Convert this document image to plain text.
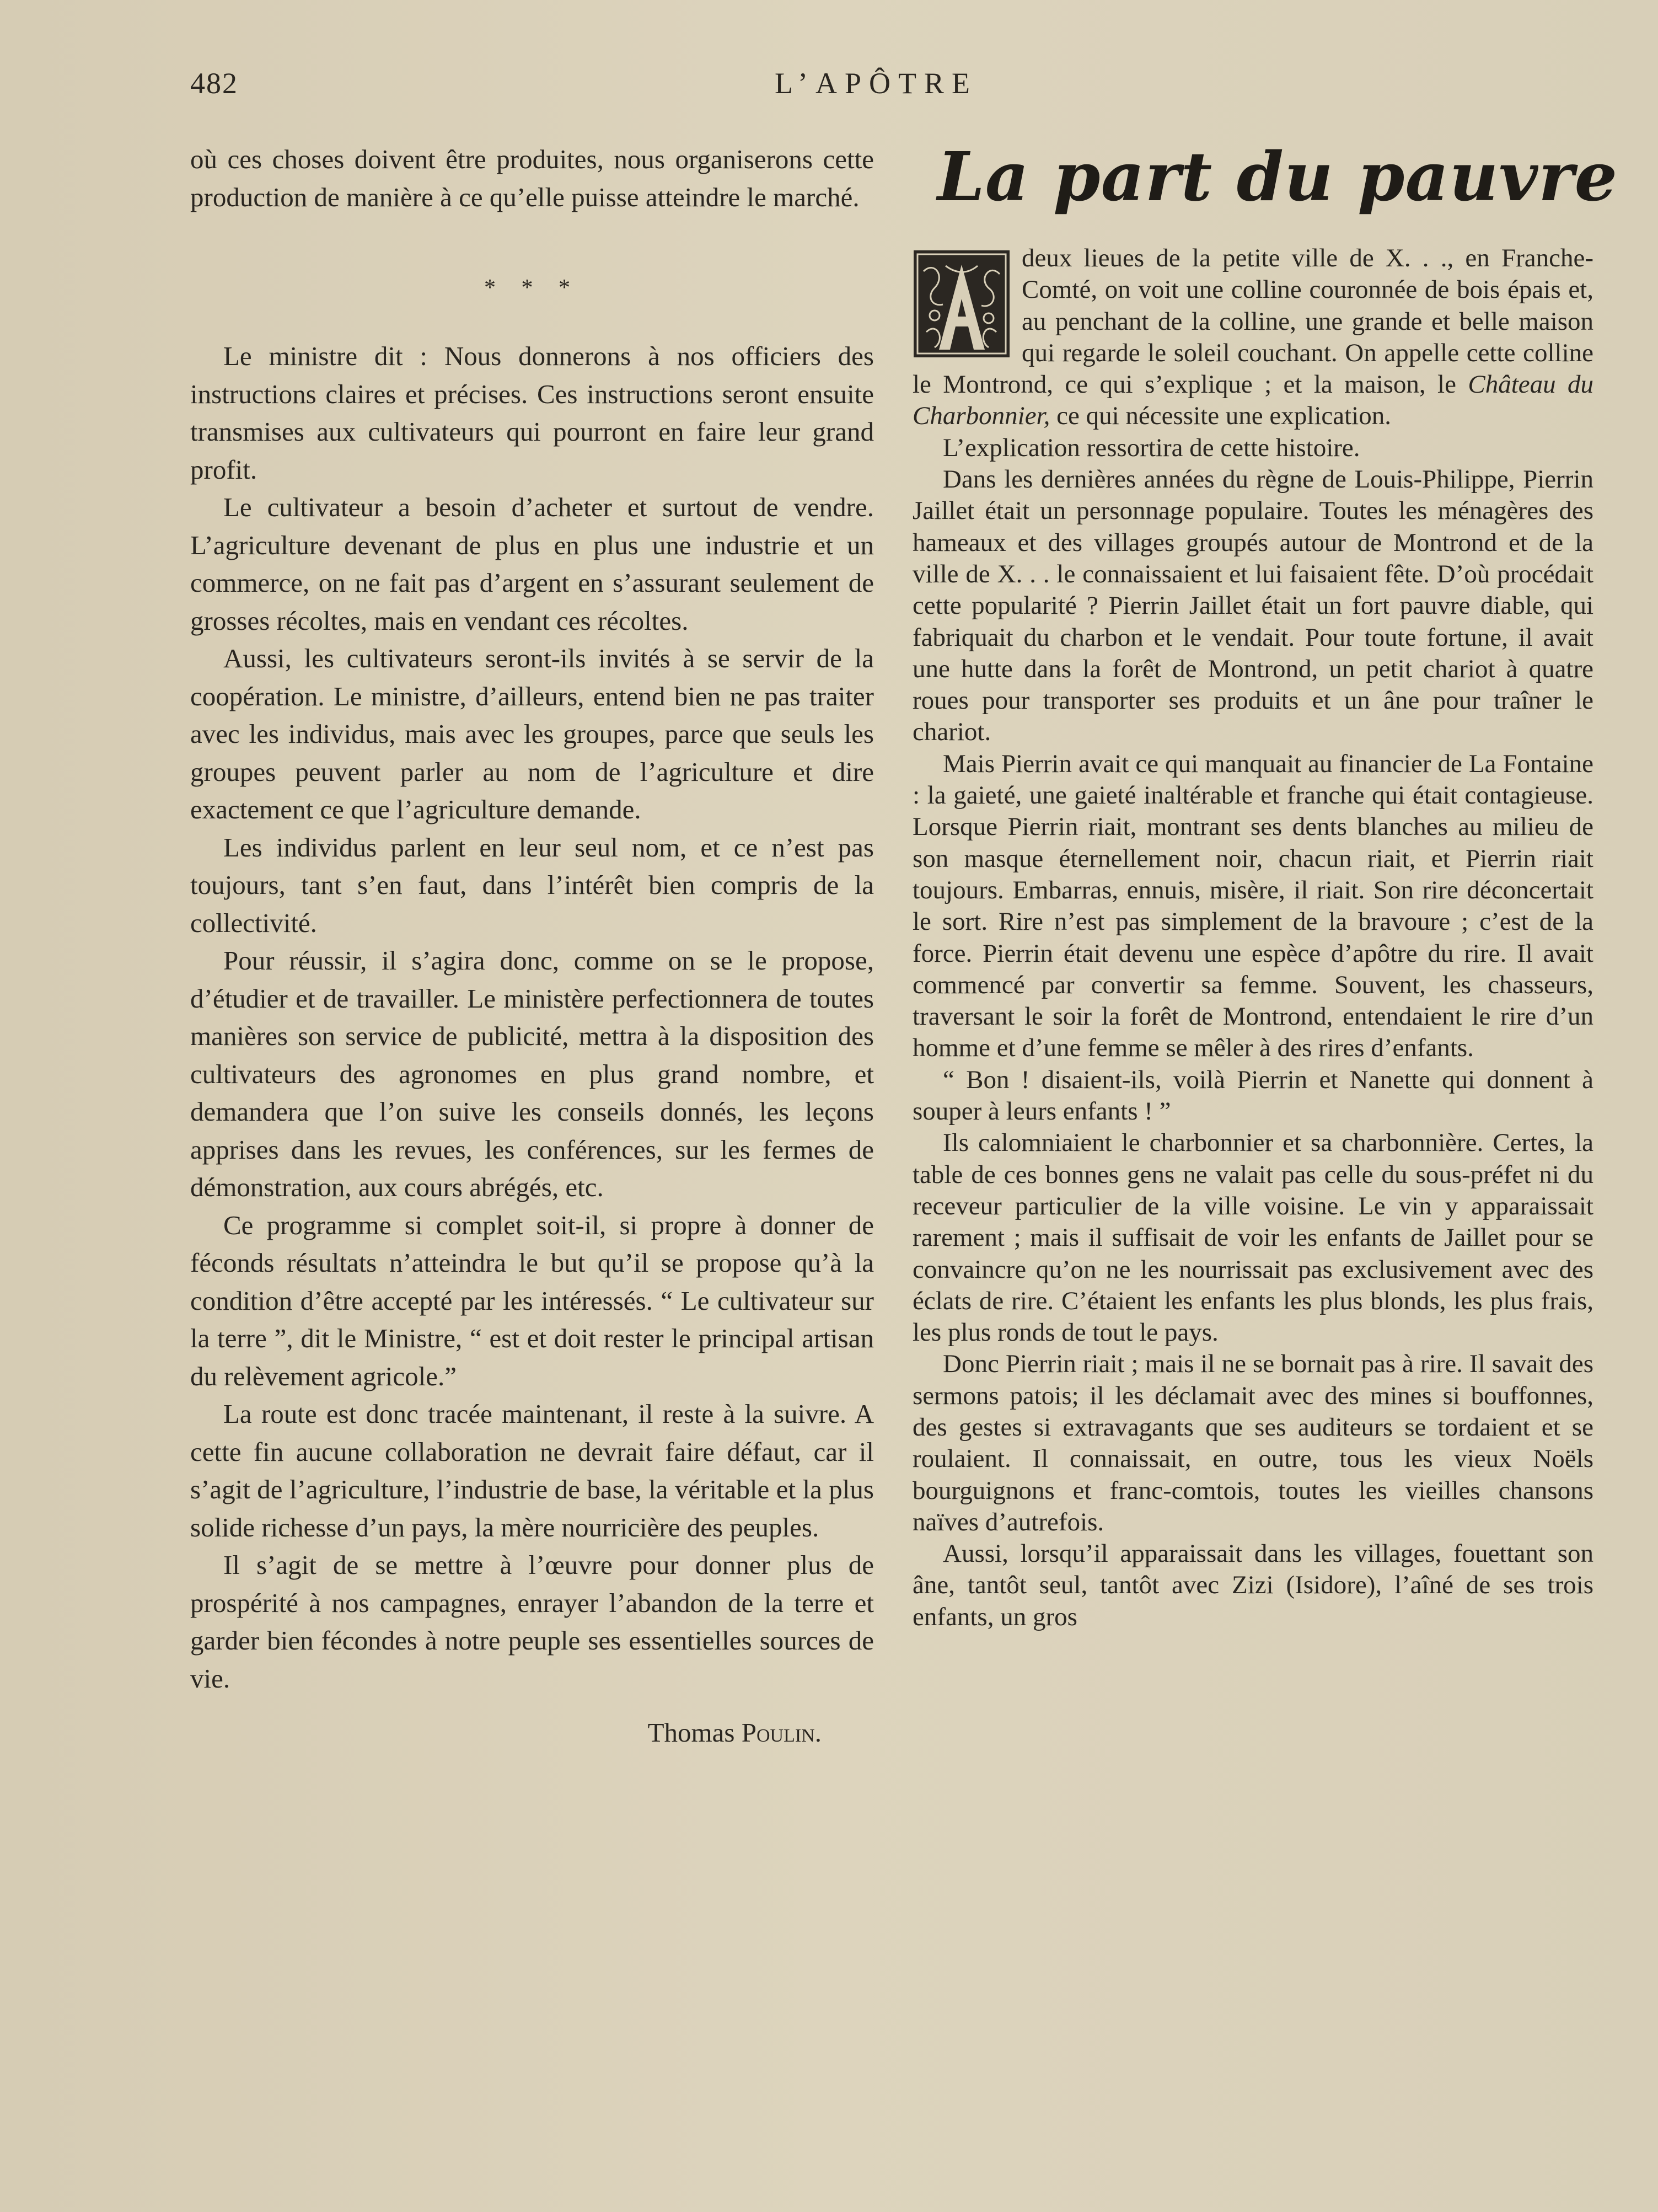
482	L’APÔTRE

où ces choses doivent être produites, nous organiserons cette production de manière à ce qu’elle puisse atteindre le marché.

* * *

Le ministre dit : Nous donnerons à nos officiers des instructions claires et précises. Ces instructions seront ensuite transmises aux cultivateurs qui pourront en faire leur grand profit.

Le cultivateur a besoin d’acheter et surtout de vendre. L’agriculture devenant de plus en plus une industrie et un commerce, on ne fait pas d’argent en s’assurant seulement de grosses récoltes, mais en vendant ces récoltes.

Aussi, les cultivateurs seront-ils invités à se servir de la coopération. Le ministre, d’ailleurs, entend bien ne pas traiter avec les individus, mais avec les groupes, parce que seuls les groupes peuvent parler au nom de l’agriculture et dire exactement ce que l’agriculture demande.

Les individus parlent en leur seul nom, et ce n’est pas toujours, tant s’en faut, dans l’intérêt bien compris de la collectivité.

Pour réussir, il s’agira donc, comme on se le propose, d’étudier et de travailler. Le ministère perfectionnera de toutes manières son service de publicité, mettra à la disposition des cultivateurs des agronomes en plus grand nombre, et demandera que l’on suive les conseils donnés, les leçons apprises dans les revues, les conférences, sur les fermes de démonstration, aux cours abrégés, etc.

Ce programme si complet soit-il, si propre à donner de féconds résultats n’atteindra le but qu’il se propose qu’à la condition d’être accepté par les intéressés. “ Le cultivateur sur la terre ”, dit le Ministre, “ est et doit rester le principal artisan du relèvement agricole.”

La route est donc tracée maintenant, il reste à la suivre. A cette fin aucune collaboration ne devrait faire défaut, car il s’agit de l’agriculture, l’industrie de base, la véritable et la plus solide richesse d’un pays, la mère nourricière des peuples.

Il s’agit de se mettre à l’œuvre pour donner plus de prospérité à nos campagnes, enrayer l’abandon de la terre et garder bien fécondes à notre peuple ses essentielles sources de vie.

Thomas Poulin.
La part du pauvre

deux lieues de la petite ville de X. . ., en Franche-Comté, on voit une colline couronnée de bois épais et, au penchant de la colline, une grande et belle maison qui regarde le soleil couchant. On appelle cette colline le Montrond, ce qui s’explique ; et la maison, le Château du Charbonnier, ce qui nécessite une explication.

L’explication ressortira de cette histoire.

Dans les dernières années du règne de Louis-Philippe, Pierrin Jaillet était un personnage populaire. Toutes les ménagères des hameaux et des villages groupés autour de Montrond et de la ville de X. . . le connaissaient et lui faisaient fête. D’où procédait cette popularité ? Pierrin Jaillet était un fort pauvre diable, qui fabriquait du charbon et le vendait. Pour toute fortune, il avait une hutte dans la forêt de Montrond, un petit chariot à quatre roues pour transporter ses produits et un âne pour traîner le chariot.

Mais Pierrin avait ce qui manquait au financier de La Fontaine : la gaieté, une gaieté inaltérable et franche qui était contagieuse. Lorsque Pierrin riait, montrant ses dents blanches au milieu de son masque éternellement noir, chacun riait, et Pierrin riait toujours. Embarras, ennuis, misère, il riait. Son rire déconcertait le sort. Rire n’est pas simplement de la bravoure ; c’est de la force. Pierrin était devenu une espèce d’apôtre du rire. Il avait commencé par convertir sa femme. Souvent, les chasseurs, traversant le soir la forêt de Montrond, entendaient le rire d’un homme et d’une femme se mêler à des rires d’enfants.

“ Bon ! disaient-ils, voilà Pierrin et Nanette qui donnent à souper à leurs enfants ! ”

Ils calomniaient le charbonnier et sa charbonnière. Certes, la table de ces bonnes gens ne valait pas celle du sous-préfet ni du receveur particulier de la ville voisine. Le vin y apparaissait rarement ; mais il suffisait de voir les enfants de Jaillet pour se convaincre qu’on ne les nourrissait pas exclusivement avec des éclats de rire. C’étaient les enfants les plus blonds, les plus frais, les plus ronds de tout le pays.

Donc Pierrin riait ; mais il ne se bornait pas à rire. Il savait des sermons patois; il les déclamait avec des mines si bouffonnes, des gestes si extravagants que ses auditeurs se tordaient et se roulaient. Il connaissait, en outre, tous les vieux Noëls bourguignons et franc-comtois, toutes les vieilles chansons naïves d’autrefois.

Aussi, lorsqu’il apparaissait dans les villages, fouettant son âne, tantôt seul, tantôt avec Zizi (Isidore), l’aîné de ses trois enfants, un gros
